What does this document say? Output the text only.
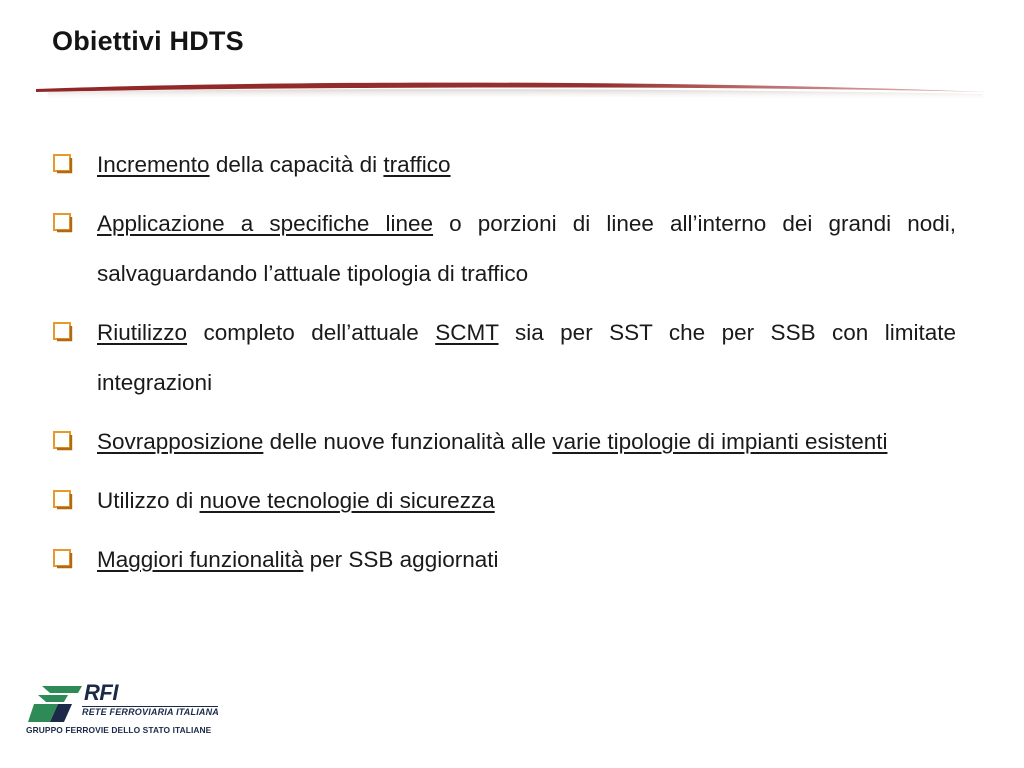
Obiettivi HDTS
Incremento della capacità di traffico
Applicazione a specifiche linee o porzioni di linee all’interno dei grandi nodi, salvaguardando l’attuale tipologia di traffico
Riutilizzo completo dell’attuale SCMT sia per SST che per SSB con limitate integrazioni
Sovrapposizione delle nuove funzionalità alle varie tipologie di impianti esistenti
Utilizzo di nuove tecnologie di sicurezza
Maggiori funzionalità per SSB aggiornati
RFI
RETE FERROVIARIA ITALIANA
GRUPPO FERROVIE DELLO STATO ITALIANE
